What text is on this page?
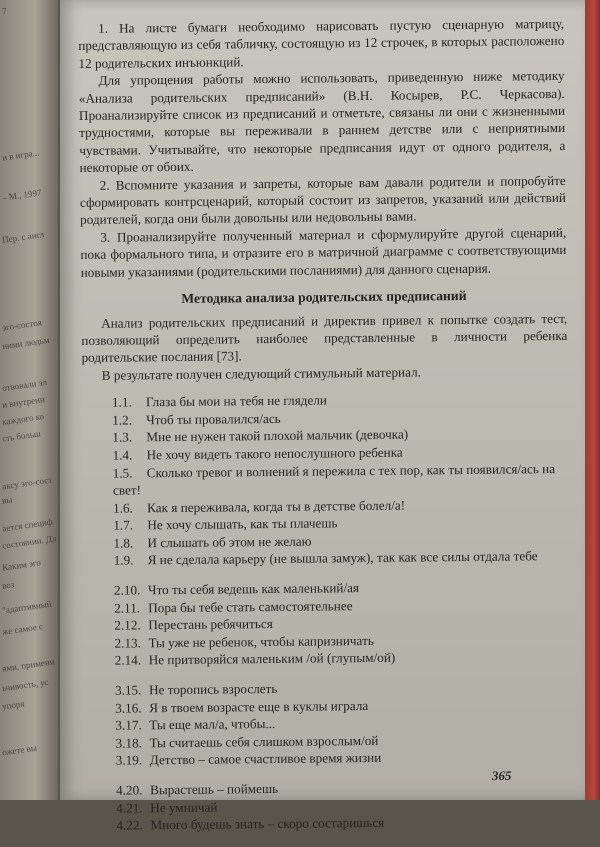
7
и в игра...
– М., 1997
Пер. с англ
эго-состоя
ними людьм
отвовали эл
и внутренн
каждого ко
сть больш
аксу эго-сост
вы
ается специф
состоянии. Дл
Каким эго
воз
"адаптивный
же самое с
ями, примени
ьчивость, ус
упоря
ожете вы

1. На листе бумаги необходимо нарисовать пустую сценарную матрицу, представляющую из себя табличку, состоящую из 12 строчек, в которых расположено 12 родительских инъюнкций.

Для упрощения работы можно использовать, приведенную ниже методику «Анализа родительских предписаний» (В.Н. Косырев, Р.С. Черкасова). Проанализируйте список из предписаний и отметьте, связаны ли они с жизненными трудностями, которые вы переживали в раннем детстве или с неприятными чувствами. Учитывайте, что некоторые предписания идут от одного родителя, а некоторые от обоих.

2. Вспомните указания и запреты, которые вам давали родители и попробуйте сформировать контрсценарий, который состоит из запретов, указаний или действий родителей, когда они были довольны или недовольны вами.

3. Проанализируйте полученный материал и сформулируйте другой сценарий, пока формального типа, и отразите его в матричной диаграмме с соответствующими новыми указаниями (родительскими посланиями) для данного сценария.

Методика анализа родительских предписаний

Анализ родительских предписаний и директив привел к попытке создать тест, позволяющий определить наиболее представленные в личности ребенка родительские послания [73].

В результате получен следующий стимульный материал.

1.1. Глаза бы мои на тебя не глядели

1.2. Чтоб ты провалился/ась

1.3. Мне не нужен такой плохой мальчик (девочка)

1.4. Не хочу видеть такого непослушного ребенка

1.5. Сколько тревог и волнений я пережила с тех пор, как ты появился/ась на свет!

1.6. Как я переживала, когда ты в детстве болел/а!

1.7. Не хочу слышать, как ты плачешь

1.8. И слышать об этом не желаю

1.9. Я не сделала карьеру (не вышла замуж), так как все силы отдала тебе

2.10. Что ты себя ведешь как маленький/ая

2.11. Пора бы тебе стать самостоятельнее

2.12. Перестань ребячиться

2.13. Ты уже не ребенок, чтобы капризничать

2.14. Не притворяйся маленьким /ой (глупым/ой)

3.15. Не торопись взрослеть

3.16. Я в твоем возрасте еще в куклы играла

3.17. Ты еще мал/а, чтобы...

3.18. Ты считаешь себя слишком взрослым/ой

3.19. Детство – самое счастливое время жизни

4.20. Вырастешь – поймешь

4.21. Не умничай

4.22. Много будешь знать – скоро состаришься

365
